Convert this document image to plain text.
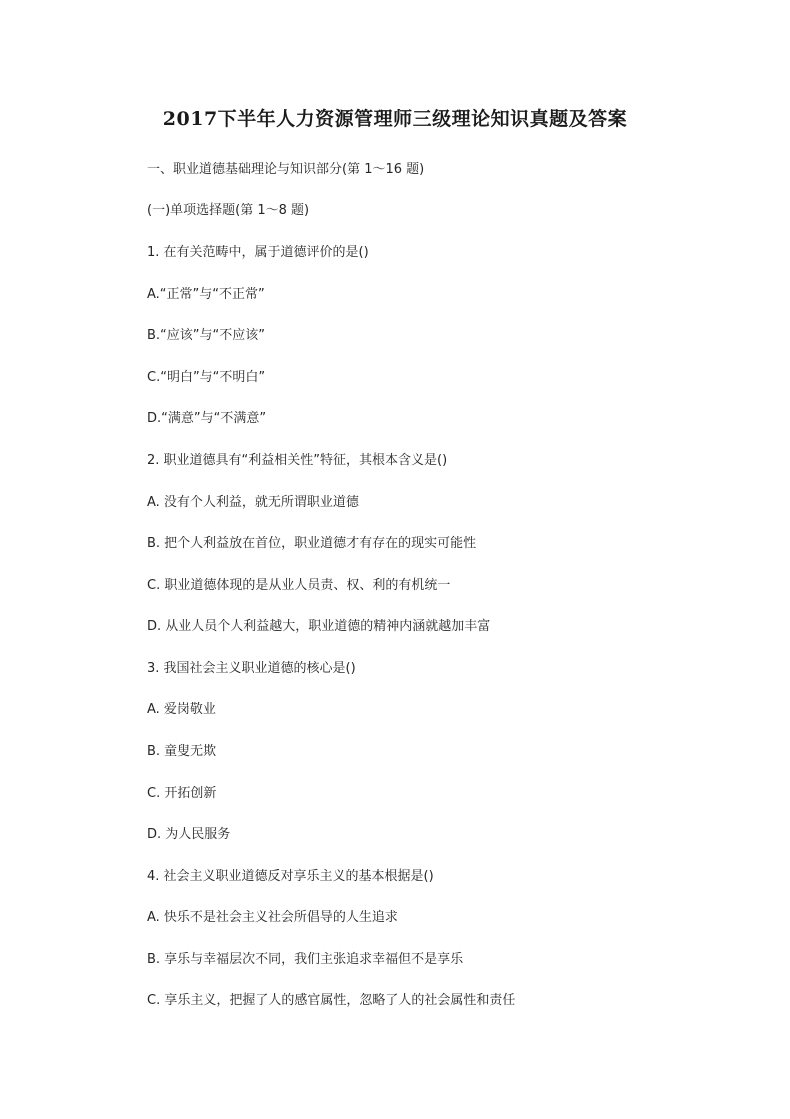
2017下半年人力资源管理师三级理论知识真题及答案
一、职业道德基础理论与知识部分(第 1～16 题)
(一)单项选择题(第 1～8 题)
1. 在有关范畴中，属于道德评价的是()
A.“正常”与“不正常”
B.“应该”与“不应该”
C.“明白”与“不明白”
D.“满意”与“不满意”
2. 职业道德具有“利益相关性”特征，其根本含义是()
A. 没有个人利益，就无所谓职业道德
B. 把个人利益放在首位，职业道德才有存在的现实可能性
C. 职业道德体现的是从业人员责、权、利的有机统一
D. 从业人员个人利益越大，职业道德的精神内涵就越加丰富
3. 我国社会主义职业道德的核心是()
A. 爱岗敬业
B. 童叟无欺
C. 开拓创新
D. 为人民服务
4. 社会主义职业道德反对享乐主义的基本根据是()
A. 快乐不是社会主义社会所倡导的人生追求
B. 享乐与幸福层次不同，我们主张追求幸福但不是享乐
C. 享乐主义，把握了人的感官属性，忽略了人的社会属性和责任
